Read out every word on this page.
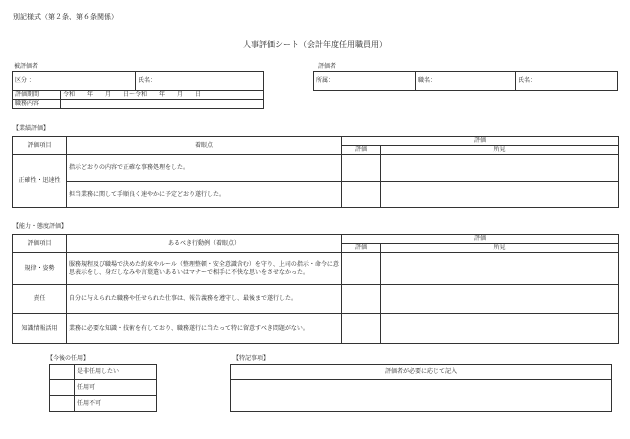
別記様式（第２条、第６条関係）
人事評価シート（会計年度任用職員用）
被評価者
区分 ：		氏名：
評価期間	令和　　年　　月　　日〜令和　　年　　月　　日	
職務内容		
評価者
所属：	職名：	氏名：
【業績評価】
評価項目	着眼点	評価	
		評価	所見
正確性・迅速性	指示どおりの内容で正確な事務処理をした。		
	担当業務に関して手順良く速やかに予定どおり遂行した。		
【能力・態度評価】
評価項目	あるべき行動例（着眼点）	評価	
		評価	所見
規律・姿勢	服務規程及び職場で決めた約束やルール（整理整頓・安全意識含む）を守り、上司の指示・命令に意思表示をし、身だしなみや言葉遣いあるいはマナーで相手に不快な思いをさせなかった。		
責任	自分に与えられた職務や任せられた仕事は、報告義務を遵守し、最後まで遂行した。		
知識情報活用	業務に必要な知識・技術を有しており、職務遂行に当たって特に留意すべき問題がない。		
【今後の任用】
	是非任用したい
	任用可
	任用不可
【特記事項】
評価者が必要に応じて記入
